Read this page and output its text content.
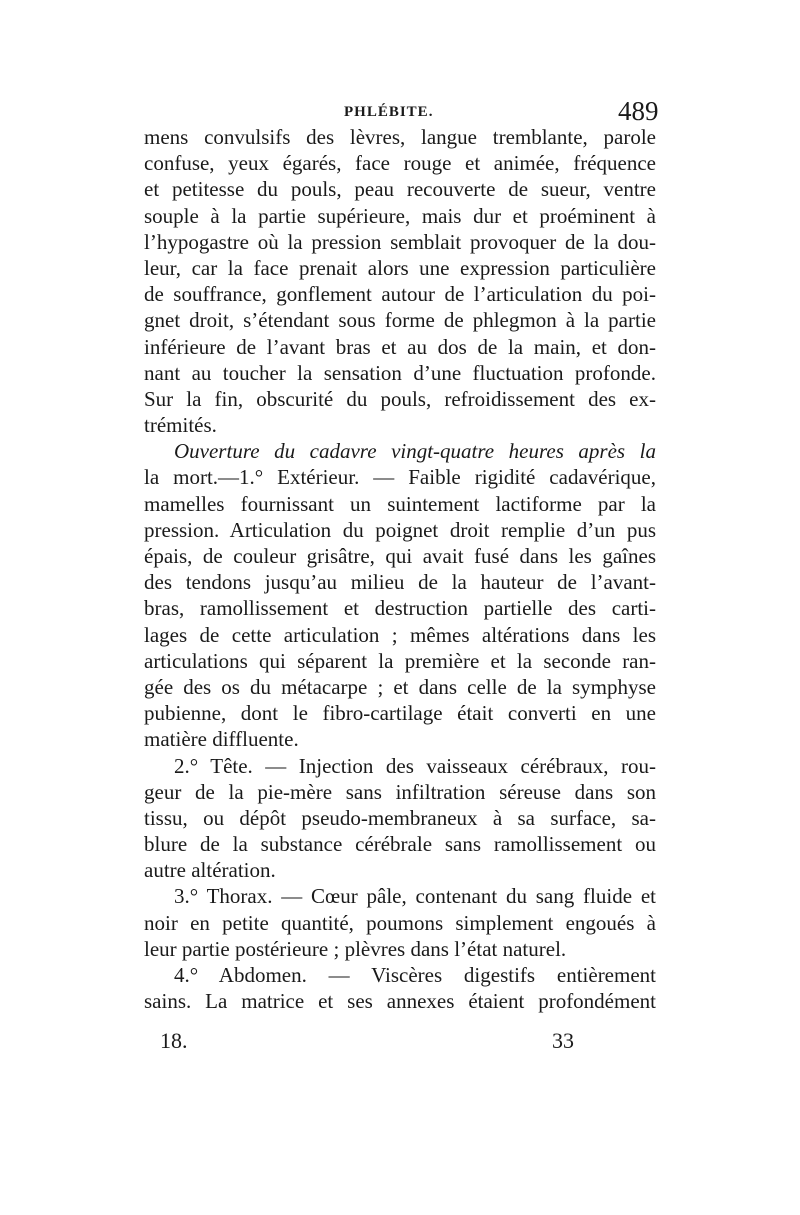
PHLÉBITE.	489
mens convulsifs des lèvres, langue tremblante, parole
confuse, yeux égarés, face rouge et animée, fréquence
et petitesse du pouls, peau recouverte de sueur, ventre
souple à la partie supérieure, mais dur et proéminent à
l’hypogastre où la pression semblait provoquer de la dou-
leur, car la face prenait alors une expression particulière
de souffrance, gonflement autour de l’articulation du poi-
gnet droit, s’étendant sous forme de phlegmon à la partie
inférieure de l’avant bras et au dos de la main, et don-
nant au toucher la sensation d’une fluctuation profonde.
Sur la fin, obscurité du pouls, refroidissement des ex-
trémités.
Ouverture du cadavre vingt-quatre heures après la
la mort.—1.° Extérieur. — Faible rigidité cadavérique,
mamelles fournissant un suintement lactiforme par la
pression. Articulation du poignet droit remplie d’un pus
épais, de couleur grisâtre, qui avait fusé dans les gaînes
des tendons jusqu’au milieu de la hauteur de l’avant-
bras, ramollissement et destruction partielle des carti-
lages de cette articulation ; mêmes altérations dans les
articulations qui séparent la première et la seconde ran-
gée des os du métacarpe ; et dans celle de la symphyse
pubienne, dont le fibro-cartilage était converti en une
matière diffluente.
2.° Tête. — Injection des vaisseaux cérébraux, rou-
geur de la pie-mère sans infiltration séreuse dans son
tissu, ou dépôt pseudo-membraneux à sa surface, sa-
blure de la substance cérébrale sans ramollissement ou
autre altération.
3.° Thorax. — Cœur pâle, contenant du sang fluide et
noir en petite quantité, poumons simplement engoués à
leur partie postérieure ; plèvres dans l’état naturel.
4.° Abdomen. — Viscères digestifs entièrement
sains. La matrice et ses annexes étaient profondément
18.	33
